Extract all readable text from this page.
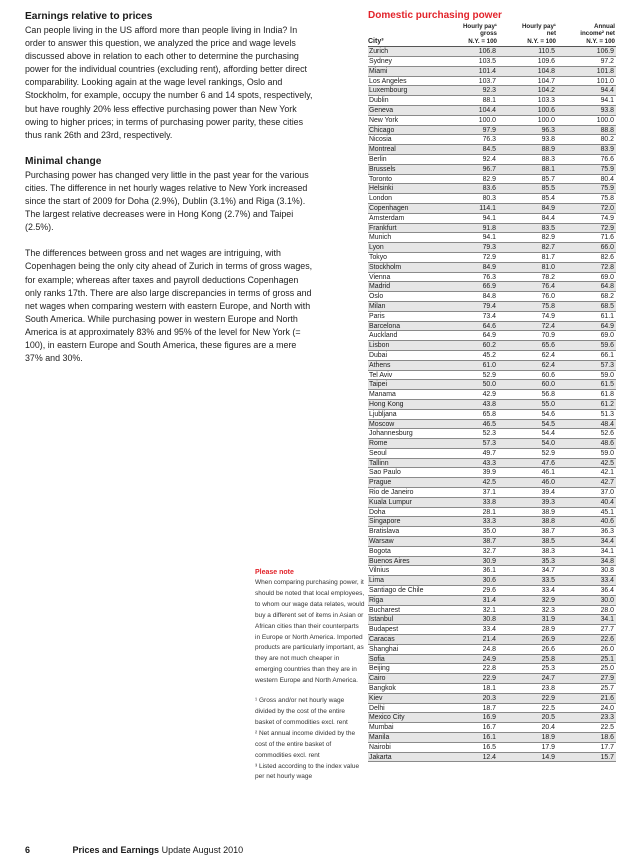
Earnings relative to prices

Can people living in the US afford more than people living in India? In order to answer this question, we analyzed the price and wage levels discussed above in relation to each other to determine the purchasing power for the individual countries (excluding rent), affording better direct comparability. Looking again at the wage level rankings, Oslo and Stockholm, for example, occupy the number 6 and 14 spots, respectively, but have roughly 20% less effective purchasing power than New York owing to higher prices; in terms of purchasing power parity, these cities thus rank 26th and 23rd, respectively.

Minimal change

Purchasing power has changed very little in the past year for the various cities. The difference in net hourly wages relative to New York increased since the start of 2009 for Doha (2.9%), Dublin (3.1%) and Riga (3.1%). The largest relative decreases were in Hong Kong (2.7%) and Taipei (2.5%).

The differences between gross and net wages are intriguing, with Copenhagen being the only city ahead of Zurich in terms of gross wages, for example; whereas after taxes and payroll deductions Copenhagen only ranks 17th. There are also large discrepancies in terms of gross and net wages when comparing western with eastern Europe, and North with South America. While purchasing power in western Europe and North America is at approximately 83% and 95% of the level for New York (= 100), in eastern Europe and South America, these figures are a mere 37% and 30%.

Please note

When comparing purchasing power, it should be noted that local employees, to whom our wage data relates, would buy a different set of items in Asian or African cities than their counterparts in Europe or North America. Imported products are particularly important, as they are not much cheaper in emerging countries than they are in western Europe and North America.

¹ Gross and/or net hourly wage divided by the cost of the entire basket of commodities excl. rent

² Net annual income divided by the cost of the entire basket of commodities excl. rent

³ Listed according to the index value per net hourly wage

Domestic purchasing power
City³
Hourly pay¹
gross
N.Y. = 100
Hourly pay¹
net
N.Y. = 100
Annual
income² net
N.Y. = 100
Zurich	106.8	110.5	106.9
Sydney	103.5	109.6	97.2
Miami	101.4	104.8	101.8
Los Angeles	103.7	104.7	101.0
Luxembourg	92.3	104.2	94.4
Dublin	88.1	103.3	94.1
Geneva	104.4	100.6	93.8
New York	100.0	100.0	100.0
Chicago	97.9	96.3	88.8
Nicosia	76.3	93.8	80.2
Montreal	84.5	88.9	83.9
Berlin	92.4	88.3	76.6
Brussels	96.7	88.1	75.9
Toronto	82.9	85.7	80.4
Helsinki	83.6	85.5	75.9
London	80.3	85.4	75.8
Copenhagen	114.1	84.9	72.0
Amsterdam	94.1	84.4	74.9
Frankfurt	91.8	83.5	72.9
Munich	94.1	82.9	71.6
Lyon	79.3	82.7	66.0
Tokyo	72.9	81.7	82.6
Stockholm	84.9	81.0	72.8
Vienna	76.3	78.2	69.0
Madrid	66.9	76.4	64.8
Oslo	84.8	76.0	68.2
Milan	79.4	75.8	68.5
Paris	73.4	74.9	61.1
Barcelona	64.6	72.4	64.9
Auckland	64.9	70.9	69.0
Lisbon	60.2	65.6	59.6
Dubai	45.2	62.4	66.1
Athens	61.0	62.4	57.3
Tel Aviv	52.9	60.6	59.0
Taipei	50.0	60.0	61.5
Manama	42.9	56.8	61.8
Hong Kong	43.8	55.0	61.2
Ljubljana	65.8	54.6	51.3
Moscow	46.5	54.5	48.4
Johannesburg	52.3	54.4	52.6
Rome	57.3	54.0	48.6
Seoul	49.7	52.9	59.0
Tallinn	43.3	47.6	42.5
Sao Paulo	39.9	46.1	42.1
Prague	42.5	46.0	42.7
Rio de Janeiro	37.1	39.4	37.0
Kuala Lumpur	33.8	39.3	40.4
Doha	28.1	38.9	45.1
Singapore	33.3	38.8	40.6
Bratislava	35.0	38.7	36.3
Warsaw	38.7	38.5	34.4
Bogota	32.7	38.3	34.1
Buenos Aires	30.9	35.3	34.8
Vilnius	36.1	34.7	30.8
Lima	30.6	33.5	33.4
Santiago de Chile	29.6	33.4	36.4
Riga	31.4	32.9	30.0
Bucharest	32.1	32.3	28.0
Istanbul	30.8	31.9	34.1
Budapest	33.4	28.9	27.7
Caracas	21.4	26.9	22.6
Shanghai	24.8	26.6	26.0
Sofia	24.9	25.8	25.1
Beijing	22.8	25.3	25.0
Cairo	22.9	24.7	27.9
Bangkok	18.1	23.8	25.7
Kiev	20.3	22.9	21.6
Delhi	18.7	22.5	24.0
Mexico City	16.9	20.5	23.3
Mumbai	16.7	20.4	22.5
Manila	16.1	18.9	18.6
Nairobi	16.5	17.9	17.7
Jakarta	12.4	14.9	15.7
6	Prices and Earnings Update August 2010
